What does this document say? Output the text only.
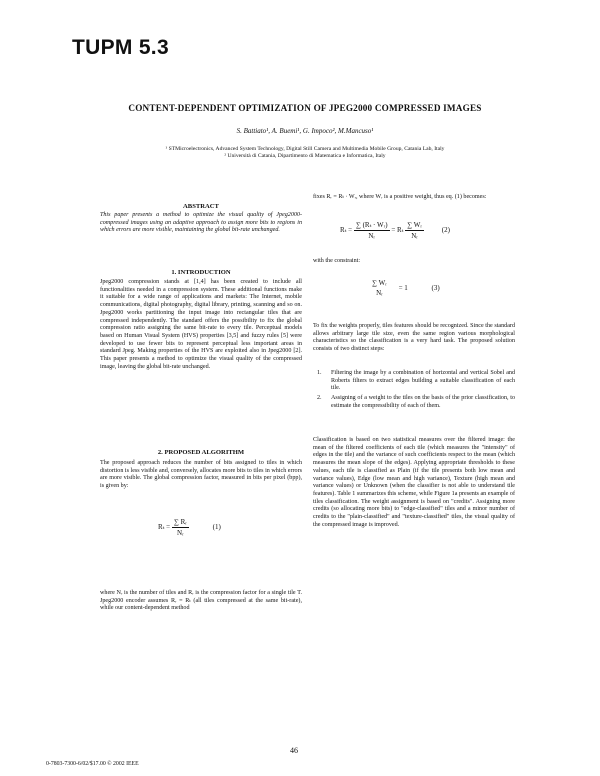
TUPM 5.3
CONTENT-DEPENDENT OPTIMIZATION OF JPEG2000 COMPRESSED IMAGES
S. Battiato¹, A. Buemi¹, G. Impoco², M.Mancuso¹
¹ STMicroelectronics, Advanced System Technology, Digital Still Camera and Multimedia Mobile Group, Catania Lab, Italy
² Università di Catania, Dipartimento di Matematica e Informatica, Italy
ABSTRACT
This paper presents a method to optimize the visual quality of Jpeg2000-compressed images using an adaptive approach to assign more bits to regions in which errors are more visible, maintaining the global bit-rate unchanged.
1. INTRODUCTION
Jpeg2000 compression stands at [1,4] has been created to include all functionalities needed in a compression system. These additional functions make it suitable for a wide range of applications and markets: The Internet, mobile communications, digital photography, digital library, printing, scanning and so on. Jpeg2000 works partitioning the input image into rectangular tiles that are compressed independently. The standard offers the possibility to fix the global compression ratio assigning the same bit-rate to every tile. Perceptual models based on Human Visual System (HVS) properties [3,5] and fuzzy rules [5] were developed to use fewer bits to represent perceptual less important areas in standard Jpeg. Making properties of the HVS are exploited also in Jpeg2000 [2]. This paper presents a method to optimize the visual quality of the compressed image, leaving the global bit-rate unchanged.
2. PROPOSED ALGORITHM
The proposed approach reduces the number of bits assigned to tiles in which distortion is less visible and, conversely, allocates more bits to tiles in which errors are more visible. The global compression factor, measured in bits per pixel (bpp), is given by:
$R_t = \frac{\text{∑ Rᵣ}}{\text{Nᵣ}}$	(1)
where Nᵣ is the number of tiles and Rᵣ is the compression factor for a single tile T. Jpeg2000 encoder assumes Rᵣ = Rₜ (all tiles compressed at the same bit-rate), while our content-dependent method
fixes Rᵣ = Rₜ · Wᵣ, where Wᵣ is a positive weight, thus eq. (1) becomes:
$R_t = \frac{\text{∑ (Rₜ · Wᵣ)}}{\text{Nᵣ}} = R_t \frac{\text{∑ Wᵣ}}{\text{Nᵣ}}$	(2)
with the constraint:
∑ Wᵣ
Nᵣ
= 1	(3)
To fix the weights properly, tiles features should be recognized. Since the standard allows arbitrary large tile size, even the same region various morphological characteristics so the classification is a very hard task. The proposed solution consists of two distinct steps:
1.	Filtering the image by a combination of horizontal and vertical Sobel and Roberts filters to extract edges building a suitable classification of each tile.
2.	Assigning of a weight to the tiles on the basis of the prior classification, to estimate the compressibility of each of them.
Classification is based on two statistical measures over the filtered image: the mean of the filtered coefficients of each tile (which measures the "intensity" of edges in the tile) and the variance of such coefficients respect to the mean (which measures the mean slope of the edges). Applying appropriate thresholds to these values, each tile is classified as Plain (if the tile presents both low mean and variance values), Edge (low mean and high variance), Texture (high mean and variance values) or Unknown (when the classifier is not able to understand tile features). Table 1 summarizes this scheme, while Figure 1a presents an example of tiles classification. The weight assignment is based on "credits". Assigning more credits (so allocating more bits) to "edge-classified" tiles and a minor number of credits to the "plain-classified" and "texture-classified" tiles, the visual quality of the compressed image is improved.
46
0-7803-7300-6/02/$17.00 © 2002 IEEE
